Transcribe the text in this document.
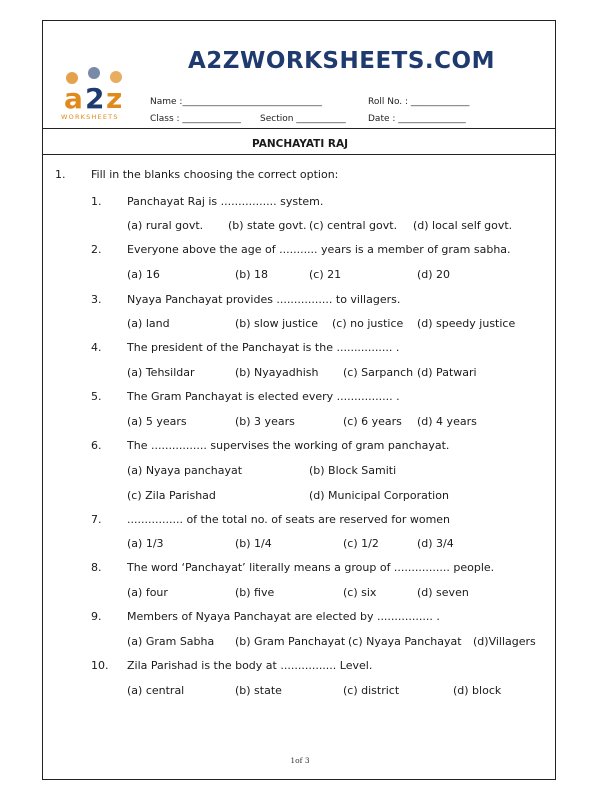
A2ZWORKSHEETS.COM
a 2 z
WORKSHEETS
Name :_______________________________	Roll No. : _____________
Class : _____________ Section ___________ Date : _______________
PANCHAYATI RAJ
1. Fill in the blanks choosing the correct option:
1. Panchayat Raj is ................ system.
(a) rural govt. (b) state govt. (c) central govt. (d) local self govt.
2. Everyone above the age of ........... years is a member of gram sabha.
(a) 16	(b) 18	(c) 21	(d) 20
3. Nyaya Panchayat provides ................ to villagers.
(a) land	(b) slow justice (c) no justice (d) speedy justice
4. The president of the Panchayat is the ................ .
(a) Tehsildar	(b) Nyayadhish (c) Sarpanch (d) Patwari
5. The Gram Panchayat is elected every ................ .
(a) 5 years	(b) 3 years	(c) 6 years (d) 4 years
6. The ................ supervises the working of gram panchayat.
(a) Nyaya panchayat	(b) Block Samiti
(c) Zila Parishad	(d) Municipal Corporation
7. ................ of the total no. of seats are reserved for women
(a) 1/3	(b) 1/4	(c) 1/2	(d) 3/4
8. The word ‘Panchayat’ literally means a group of ................ people.
(a) four	(b) five	(c) six	(d) seven
9. Members of Nyaya Panchayat are elected by ................ .
(a) Gram Sabha (b) Gram Panchayat (c) Nyaya Panchayat (d)Villagers
10. Zila Parishad is the body at ................ Level.
(a) central	(b) state	(c) district	(d) block
1of 3
